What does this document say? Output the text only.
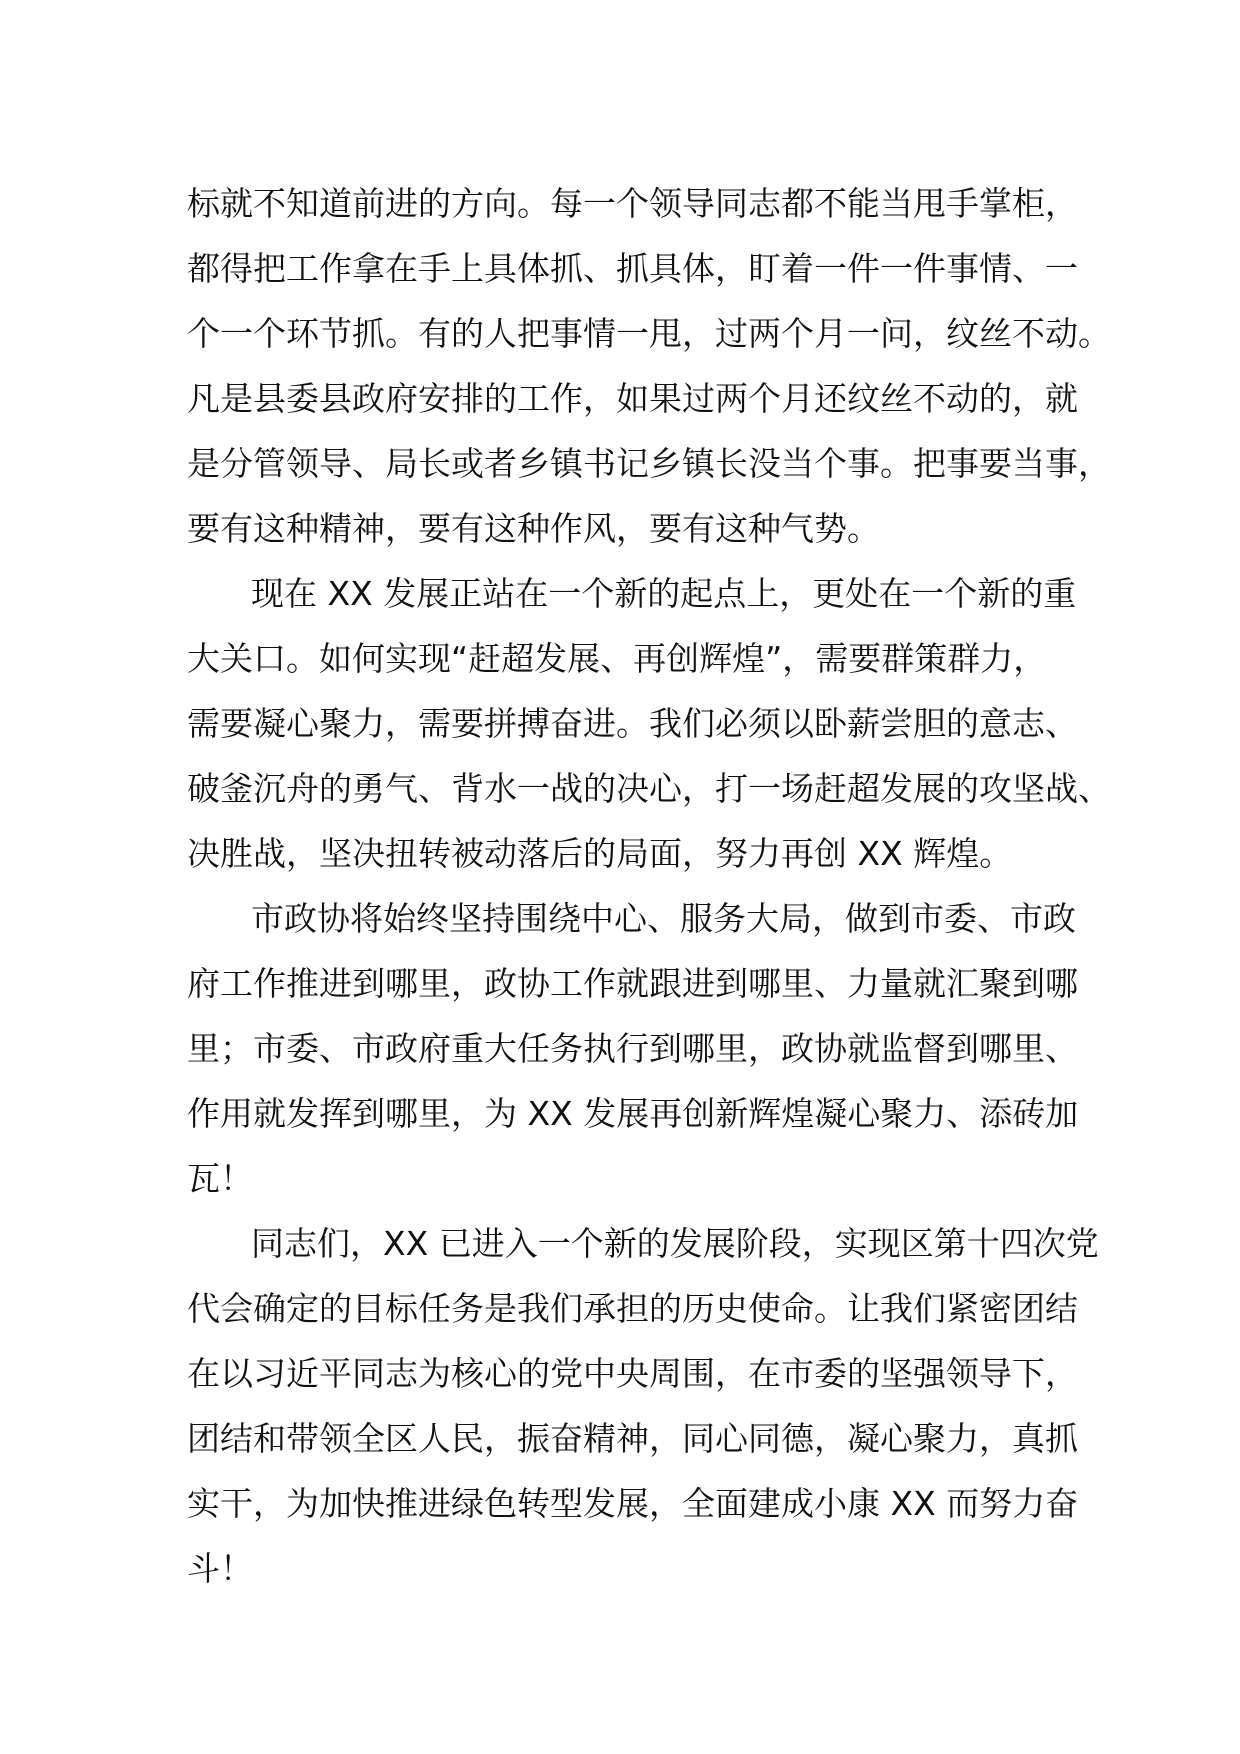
标就不知道前进的方向。每一个领导同志都不能当甩手掌柜，
都得把工作拿在手上具体抓、抓具体，盯着一件一件事情、一
个一个环节抓。有的人把事情一甩，过两个月一问，纹丝不动。
凡是县委县政府安排的工作，如果过两个月还纹丝不动的，就
是分管领导、局长或者乡镇书记乡镇长没当个事。把事要当事，
要有这种精神，要有这种作风，要有这种气势。
现在 XX 发展正站在一个新的起点上，更处在一个新的重
大关口。如何实现“赶超发展、再创辉煌”，需要群策群力，
需要凝心聚力，需要拼搏奋进。我们必须以卧薪尝胆的意志、
破釜沉舟的勇气、背水一战的决心，打一场赶超发展的攻坚战、
决胜战，坚决扭转被动落后的局面，努力再创 XX 辉煌。
市政协将始终坚持围绕中心、服务大局，做到市委、市政
府工作推进到哪里，政协工作就跟进到哪里、力量就汇聚到哪
里；市委、市政府重大任务执行到哪里，政协就监督到哪里、
作用就发挥到哪里，为 XX 发展再创新辉煌凝心聚力、添砖加
瓦！
同志们，XX 已进入一个新的发展阶段，实现区第十四次党
代会确定的目标任务是我们承担的历史使命。让我们紧密团结
在以习近平同志为核心的党中央周围，在市委的坚强领导下，
团结和带领全区人民，振奋精神，同心同德，凝心聚力，真抓
实干，为加快推进绿色转型发展，全面建成小康 XX 而努力奋
斗！
